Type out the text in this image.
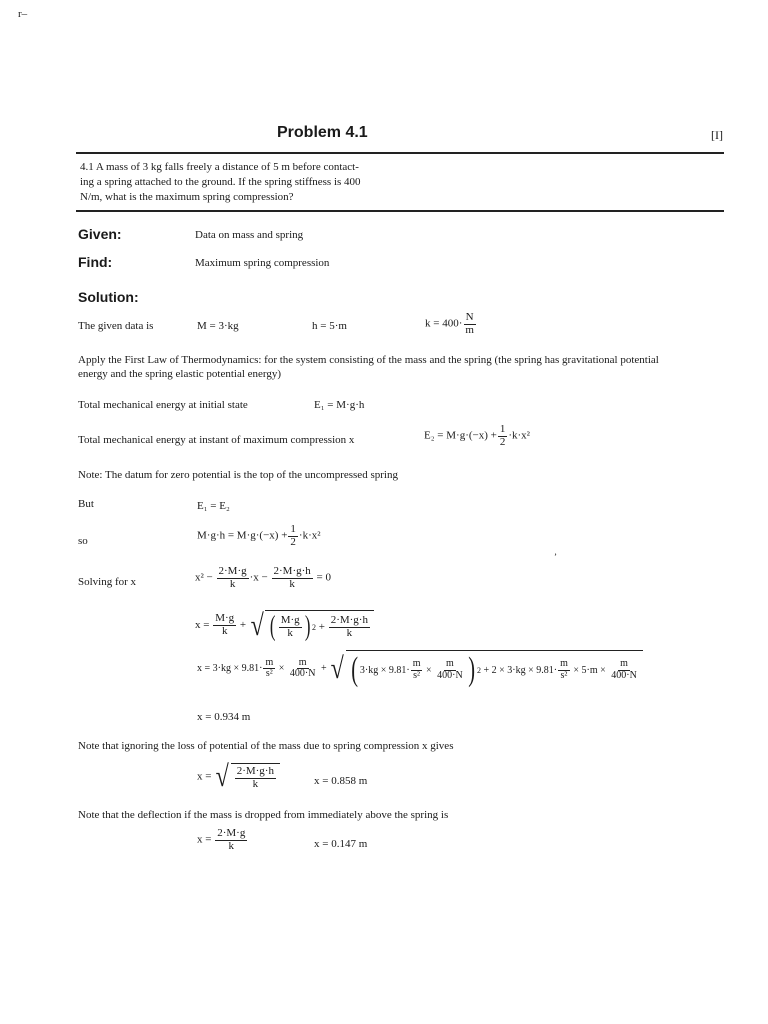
r–
Problem 4.1	[I]
4.1 A mass of 3 kg falls freely a distance of 5 m before contact-
ing a spring attached to the ground. If the spring stiffness is 400
N/m, what is the maximum spring compression?
Given:	Data on mass and spring
Find:	Maximum spring compression
Solution:
The given data is	M = 3·kg	h = 5·m	$k = 400\cdot \frac{N}{m}$
Apply the First Law of Thermodynamics: for the system consisting of the mass and the spring (the spring has gravitational potential
energy and the spring elastic potential energy)
Total mechanical energy at initial state	E₁ = M·g·h
Total mechanical energy at instant of maximum compression x	$E_2 = M\cdot g\cdot(-x) + \frac{1}{2} \cdot k\cdot x^2$
Note: The datum for zero potential is the top of the uncompressed spring
But	E₁ = E₂
so	$M\cdot g\cdot h = M\cdot g\cdot(-x) + \frac{1}{2} \cdot k\cdot x^2$
’
Solving for x	$x^2 - \frac{2\cdot M\cdot g}{k} \cdot x - \frac{2\cdot M\cdot g\cdot h}{k} = 0$
$x = \frac{M\cdot g}{k}$ + √ ( $\frac{M\cdot g}{k}$ ) 2
+
$\frac{2\cdot M\cdot g\cdot h}{k}$
$x = 3\cdot kg \times 9.81\cdot \frac{m}{\text{s²}} \times \frac{m}{400\cdot N}$ + √ ( $3\cdot kg \times 9.81\cdot \frac{m}{\text{s²}}$
×
$\frac{m}{400\cdot N}$ ) 2
+ $2 \times 3\cdot kg \times 9.81\cdot \frac{m}{\text{s²}}$
× 5·m ×
$\frac{m}{400\cdot N}$
x = 0.934 m
Note that ignoring the loss of potential of the mass due to spring compression x gives
x = √ $\frac{2\cdot M\cdot g\cdot h}{k}$	x = 0.858 m
Note that the deflection if the mass is dropped from immediately above the spring is
$x = \frac{2\cdot M\cdot g}{k}$	x = 0.147 m
